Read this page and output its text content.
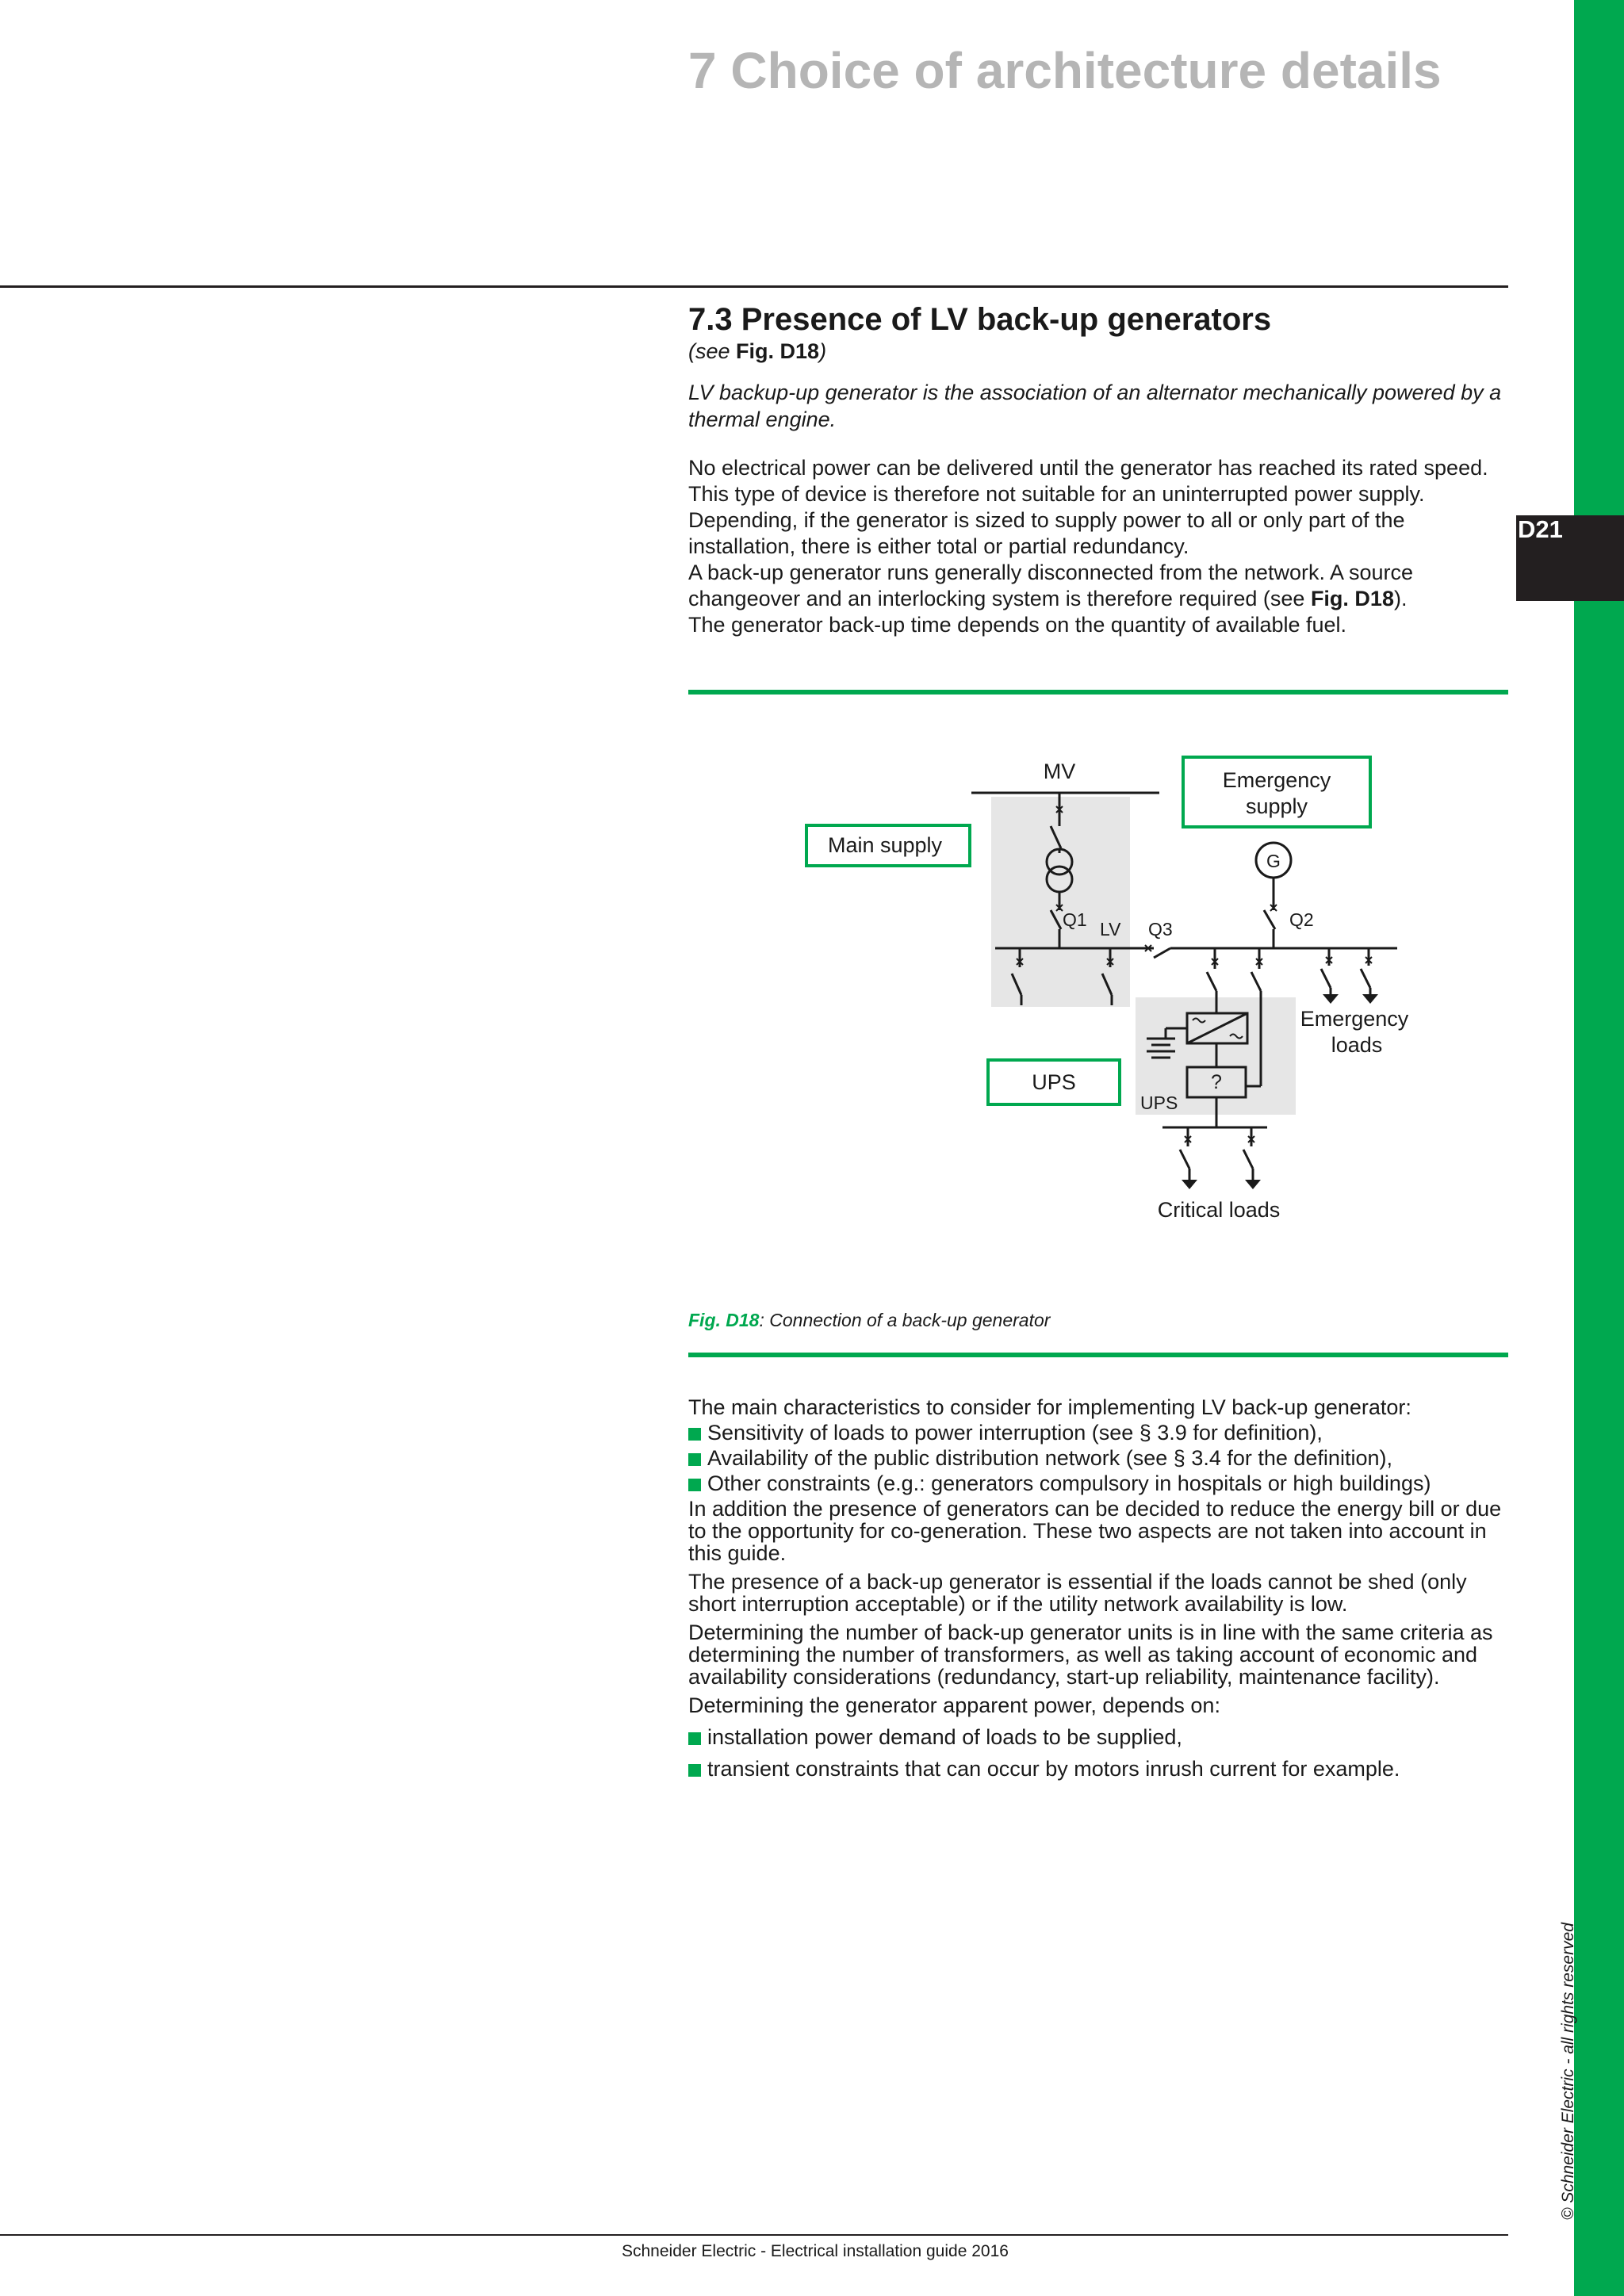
D21
7 Choice of architecture details
7.3 Presence of LV back-up generators
(see Fig. D18)
LV backup-up generator is the association of an alternator mechanically powered by a thermal engine.

No electrical power can be delivered until the generator has reached its rated speed. This type of device is therefore not suitable for an uninterrupted power supply.

Depending, if the generator is sized to supply power to all or only part of the installation, there is either total or partial redundancy.

A back-up generator runs generally disconnected from the network. A source changeover and an interlocking system is therefore required (see Fig. D18).

The generator back-up time depends on the quantity of available fuel.

MV	Emergency
supply
Main supply
G
Q1 LV Q3	Q2
Emergency
loads
UPS	?
UPS
Critical loads
Fig. D18: Connection of a back-up generator

The main characteristics to consider for implementing LV back-up generator:

Sensitivity of loads to power interruption (see § 3.9 for definition),

Availability of the public distribution network (see § 3.4 for the definition),

Other constraints (e.g.: generators compulsory in hospitals or high buildings)

In addition the presence of generators can be decided to reduce the energy bill or due to the opportunity for co-generation. These two aspects are not taken into account in this guide.

The presence of a back-up generator is essential if the loads cannot be shed (only short interruption acceptable) or if the utility network availability is low.

Determining the number of back-up generator units is in line with the same criteria as determining the number of transformers, as well as taking account of economic and availability considerations (redundancy, start-up reliability, maintenance facility).

Determining the generator apparent power, depends on:

installation power demand of loads to be supplied,

transient constraints that can occur by motors inrush current for example.

© Schneider Electric - all rights reserved
Schneider Electric - Electrical installation guide 2016
